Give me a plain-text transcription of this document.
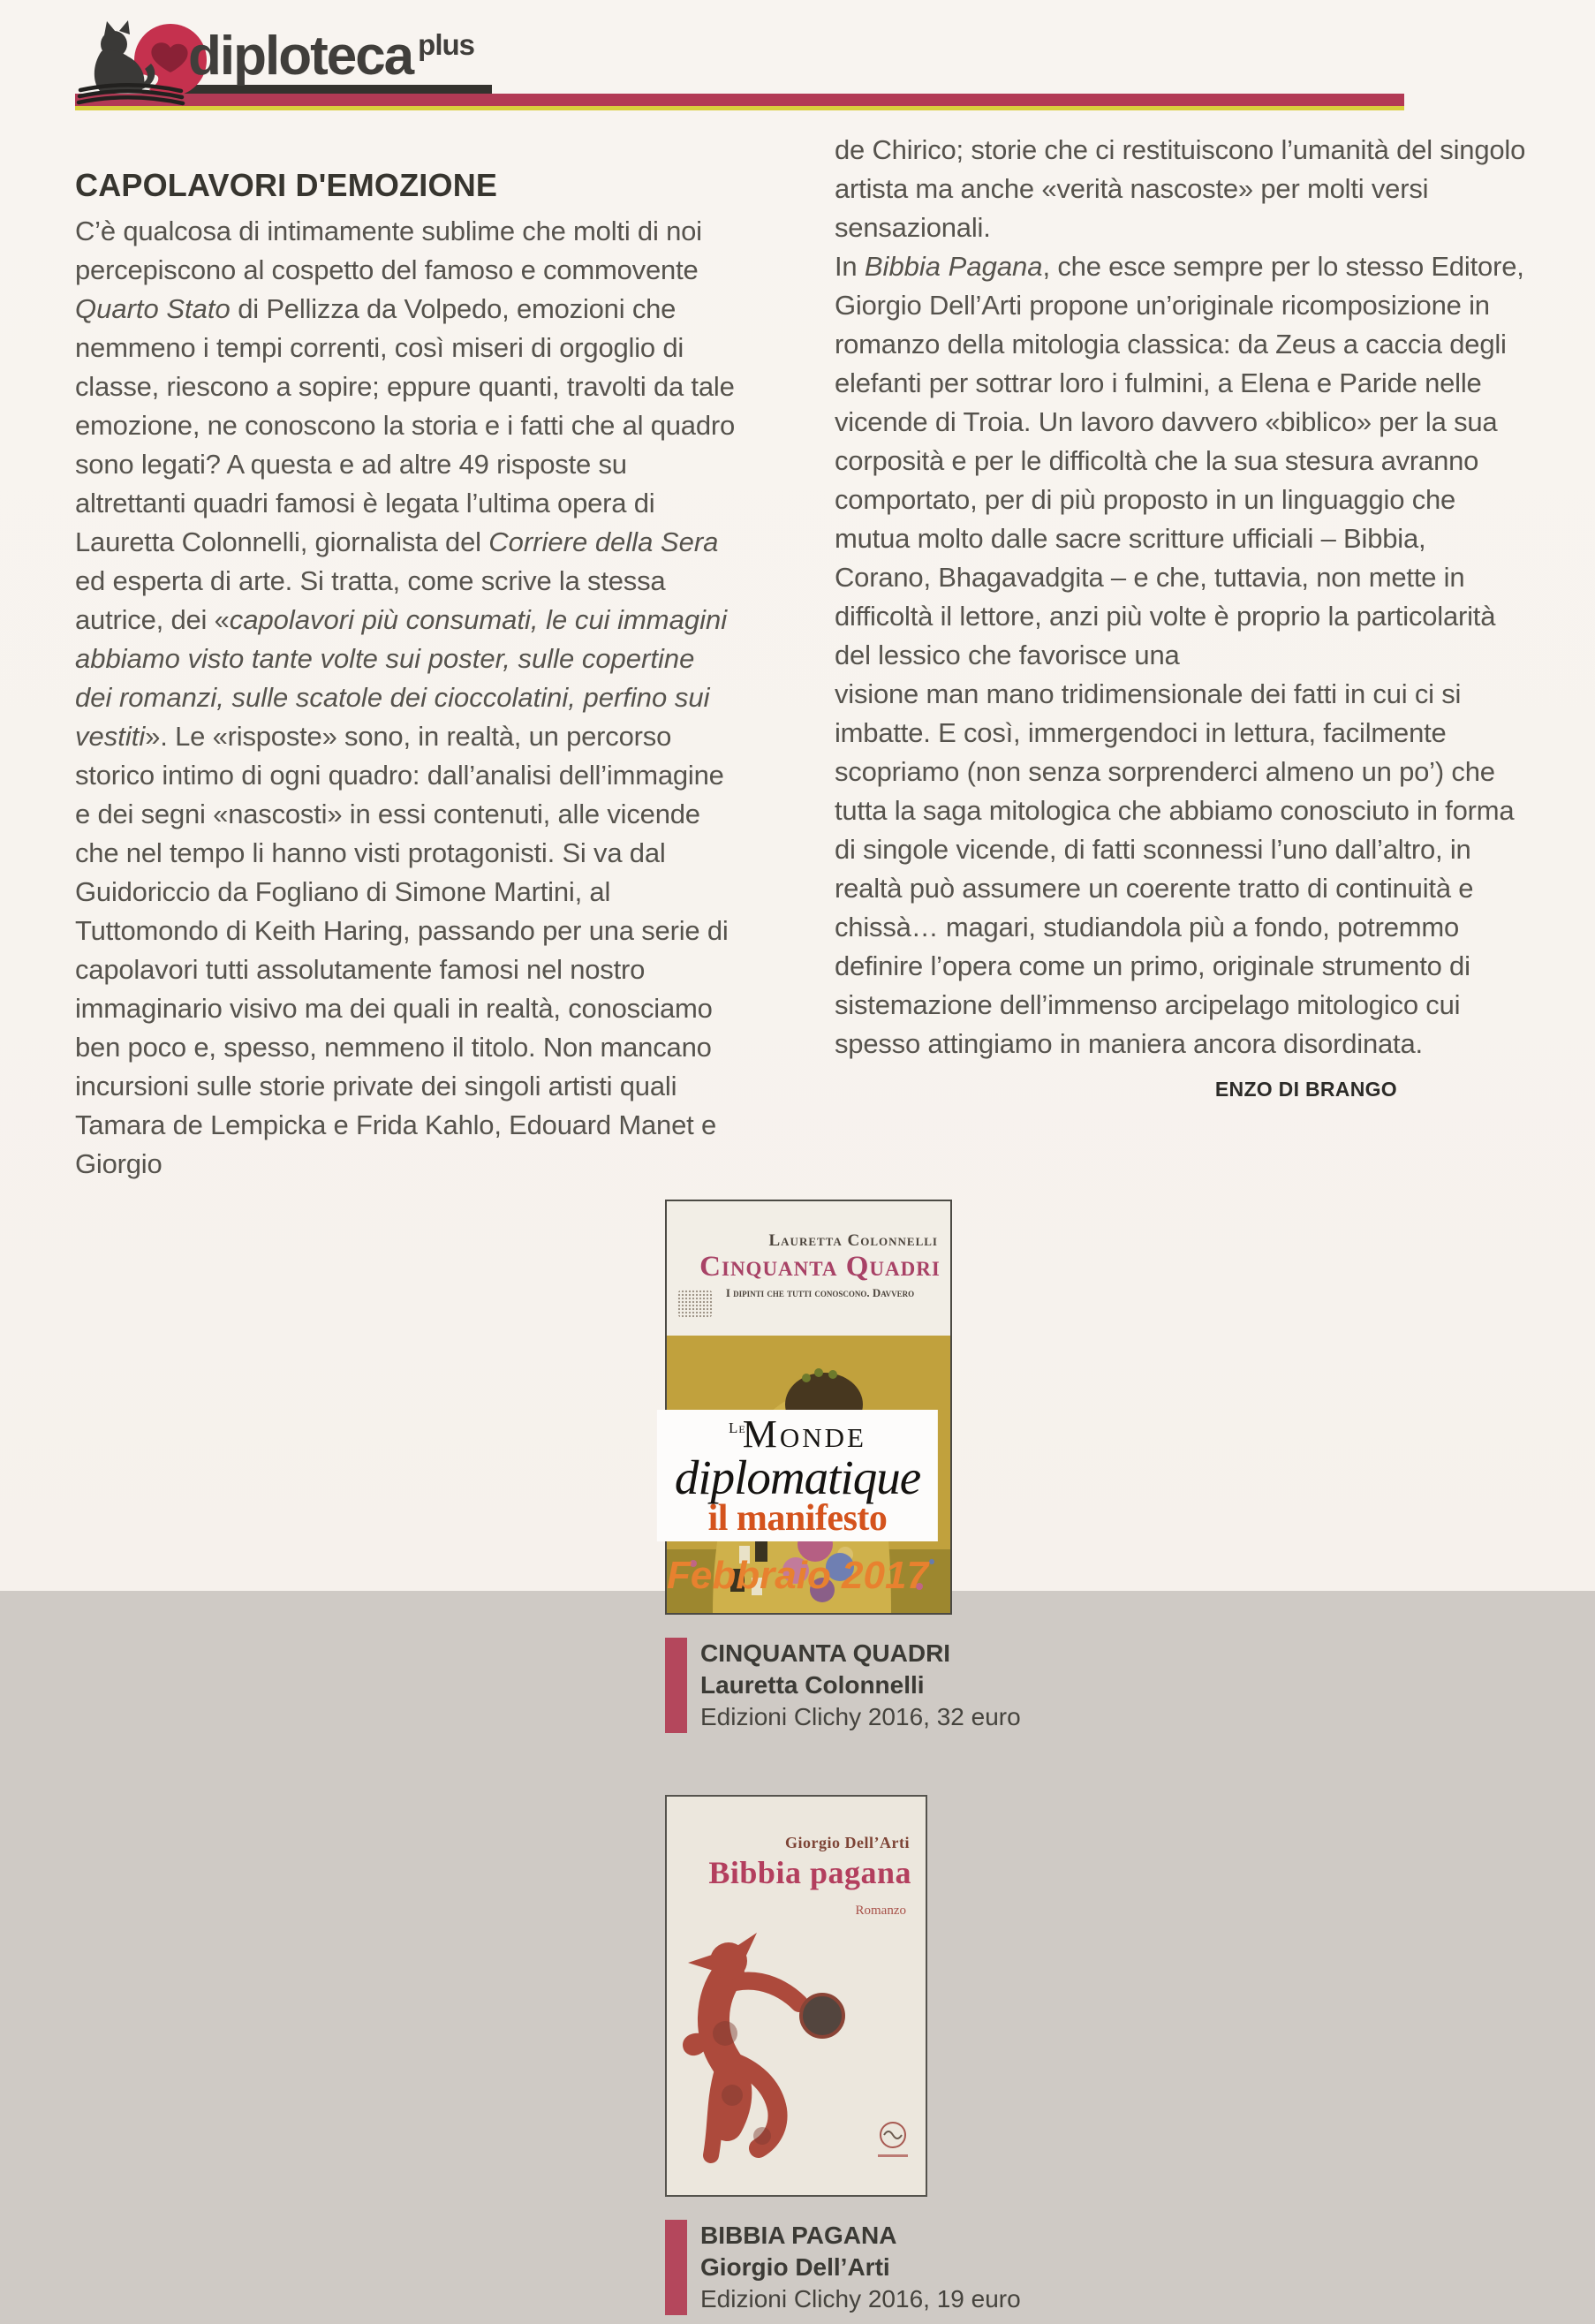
diploteca $^{plus}$
CAPOLAVORI D'EMOZIONE

C’è qualcosa di intimamente sublime che molti di noi percepiscono al cospetto del famoso e commovente Quarto Stato di Pellizza da Volpedo, emozioni che nemmeno i tempi correnti, così miseri di orgoglio di classe, riescono a sopire; eppure quanti, travolti da tale emozione, ne conoscono la storia e i fatti che al quadro sono legati? A questa e ad altre 49 risposte su altrettanti quadri famosi è legata l’ultima opera di Lauretta Colonnelli, giornalista del Corriere della Sera ed esperta di arte. Si tratta, come scrive la stessa autrice, dei «capolavori più consumati, le cui immagini abbiamo visto tante volte sui poster, sulle copertine dei romanzi, sulle scatole dei cioccolatini, perfino sui vestiti». Le «risposte» sono, in realtà, un percorso storico intimo di ogni quadro: dall’analisi dell’immagine e dei segni «nascosti» in essi contenuti, alle vicende che nel tempo li hanno visti protagonisti. Si va dal Guidoriccio da Fogliano di Simone Martini, al Tuttomondo di Keith Haring, passando per una serie di capolavori tutti assolutamente famosi nel nostro immaginario visivo ma dei quali in realtà, conosciamo ben poco e, spesso, nemmeno il titolo. Non mancano incursioni sulle storie private dei singoli artisti quali Tamara de Lempicka e Frida Kahlo, Edouard Manet e Giorgio

de Chirico; storie che ci restituiscono l’umanità del singolo artista ma anche «verità nascoste» per molti versi sensazionali.

Lauretta Colonnelli
Cinquanta Quadri
I dipinti che tutti conoscono. Davvero
CINQUANTA QUADRI
Lauretta Colonnelli
Edizioni Clichy 2016, 32 euro

In Bibbia Pagana, che esce sempre per lo stesso Editore, Giorgio Dell’Arti propone un’originale ricomposizione in romanzo della mitologia classica: da Zeus a caccia degli elefanti per sottrar loro i fulmini, a Elena e Paride nelle vicende di Troia. Un lavoro davvero «biblico» per la sua corposità e per le difficoltà che la sua stesura avranno comportato, per di più proposto in un linguaggio che mutua molto dalle sacre scritture ufficiali – Bibbia, Corano, Bhagavadgita – e che, tuttavia, non mette in difficoltà il lettore, anzi più volte è proprio la particolarità del lessico che favorisce una

Giorgio Dell’Arti
Bibbia pagana
Romanzo
BIBBIA PAGANA
Giorgio Dell’Arti
Edizioni Clichy 2016, 19 euro

visione man mano tridimensionale dei fatti in cui ci si imbatte. E così, immergendoci in lettura, facilmente scopriamo (non senza sorprenderci almeno un po’) che tutta la saga mitologica che abbiamo conosciuto in forma di singole vicende, di fatti sconnessi l’uno dall’altro, in realtà può assumere un coerente tratto di continuità e chissà… magari, studiandola più a fondo, potremmo definire l’opera come un primo, originale strumento di sistemazione dell’immenso arcipelago mitologico cui spesso attingiamo in maniera ancora disordinata.

ENZO DI BRANGO
$^{Le}$Monde
diplomatique
il manifesto
Febbraio 2017
